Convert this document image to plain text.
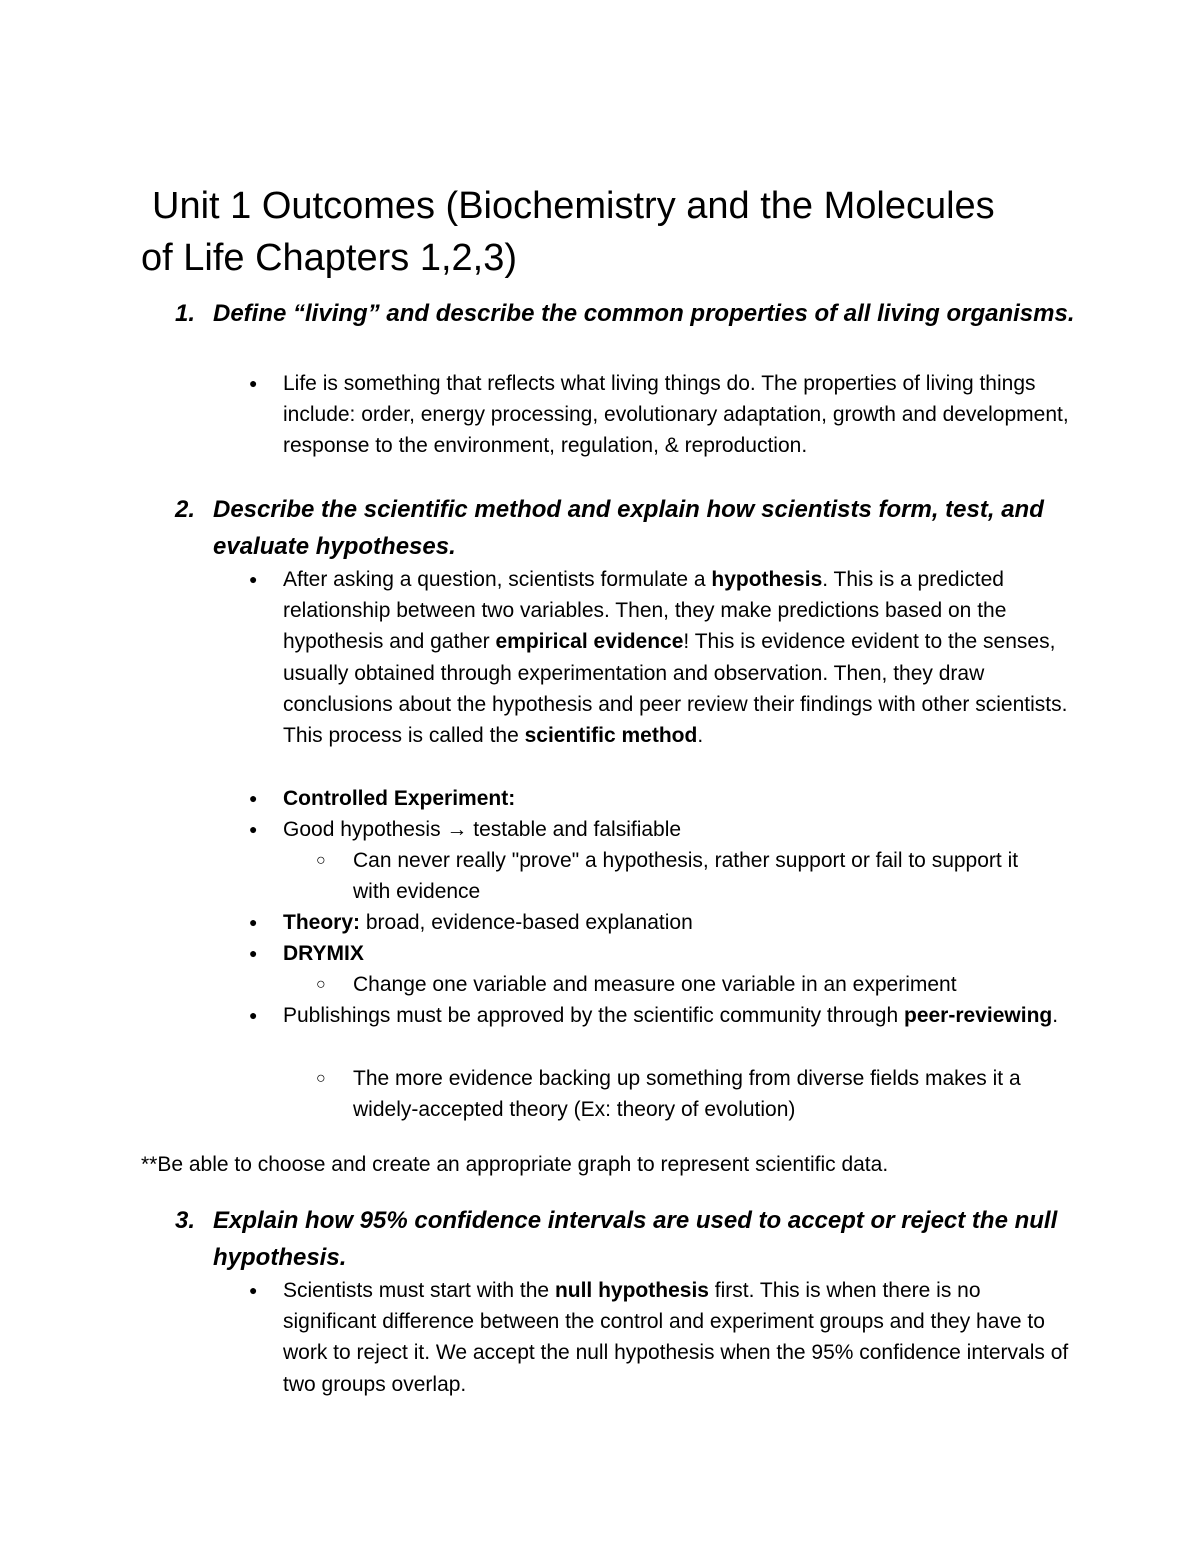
Unit 1 Outcomes (Biochemistry and the Molecules
of Life Chapters 1,2,3)
1. Define “living” and describe the common properties of all living organisms.
●	Life is something that reflects what living things do. The properties of living things include: order, energy processing, evolutionary adaptation, growth and development, response to the environment, regulation, & reproduction.
2. Describe the scientific method and explain how scientists form, test, and evaluate hypotheses.
●	After asking a question, scientists formulate a hypothesis. This is a predicted relationship between two variables. Then, they make predictions based on the hypothesis and gather empirical evidence! This is evidence evident to the senses, usually obtained through experimentation and observation. Then, they draw conclusions about the hypothesis and peer review their findings with other scientists. This process is called the scientific method.
●	Controlled Experiment:
●	Good hypothesis → testable and falsifiable
○	Can never really "prove" a hypothesis, rather support or fail to support it with evidence
●	Theory: broad, evidence-based explanation
●	DRYMIX
○	Change one variable and measure one variable in an experiment
●	Publishings must be approved by the scientific community through peer-reviewing.
○	The more evidence backing up something from diverse fields makes it a widely-accepted theory (Ex: theory of evolution)
**Be able to choose and create an appropriate graph to represent scientific data.
3. Explain how 95% confidence intervals are used to accept or reject the null hypothesis.
●	Scientists must start with the null hypothesis first. This is when there is no significant difference between the control and experiment groups and they have to work to reject it. We accept the null hypothesis when the 95% confidence intervals of two groups overlap.
